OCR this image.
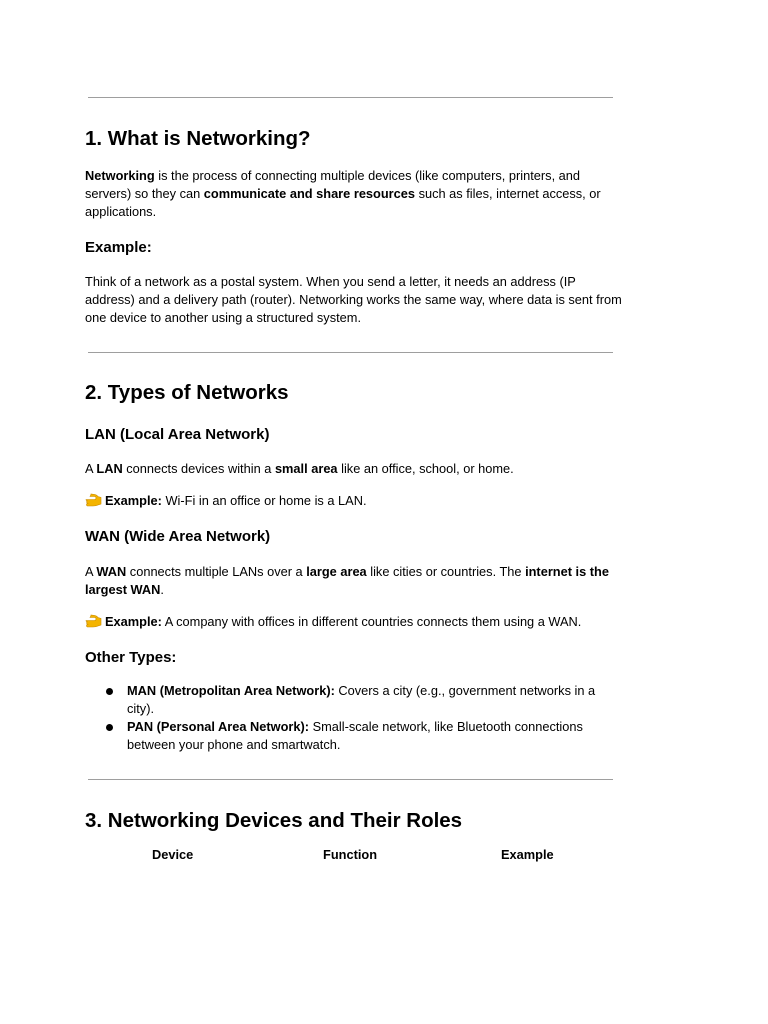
1. What is Networking?

Networking is the process of connecting multiple devices (like computers, printers, and servers) so they can communicate and share resources such as files, internet access, or applications.

Example:

Think of a network as a postal system. When you send a letter, it needs an address (IP address) and a delivery path (router). Networking works the same way, where data is sent from one device to another using a structured system.

2. Types of Networks
LAN (Local Area Network)

A LAN connects devices within a small area like an office, school, or home.

Example: Wi-Fi in an office or home is a LAN.

WAN (Wide Area Network)

A WAN connects multiple LANs over a large area like cities or countries. The internet is the largest WAN.

Example: A company with offices in different countries connects them using a WAN.

Other Types:

MAN (Metropolitan Area Network): Covers a city (e.g., government networks in a city).

PAN (Personal Area Network): Small-scale network, like Bluetooth connections between your phone and smartwatch.

3. Networking Devices and Their Roles
Device	Function	Example
